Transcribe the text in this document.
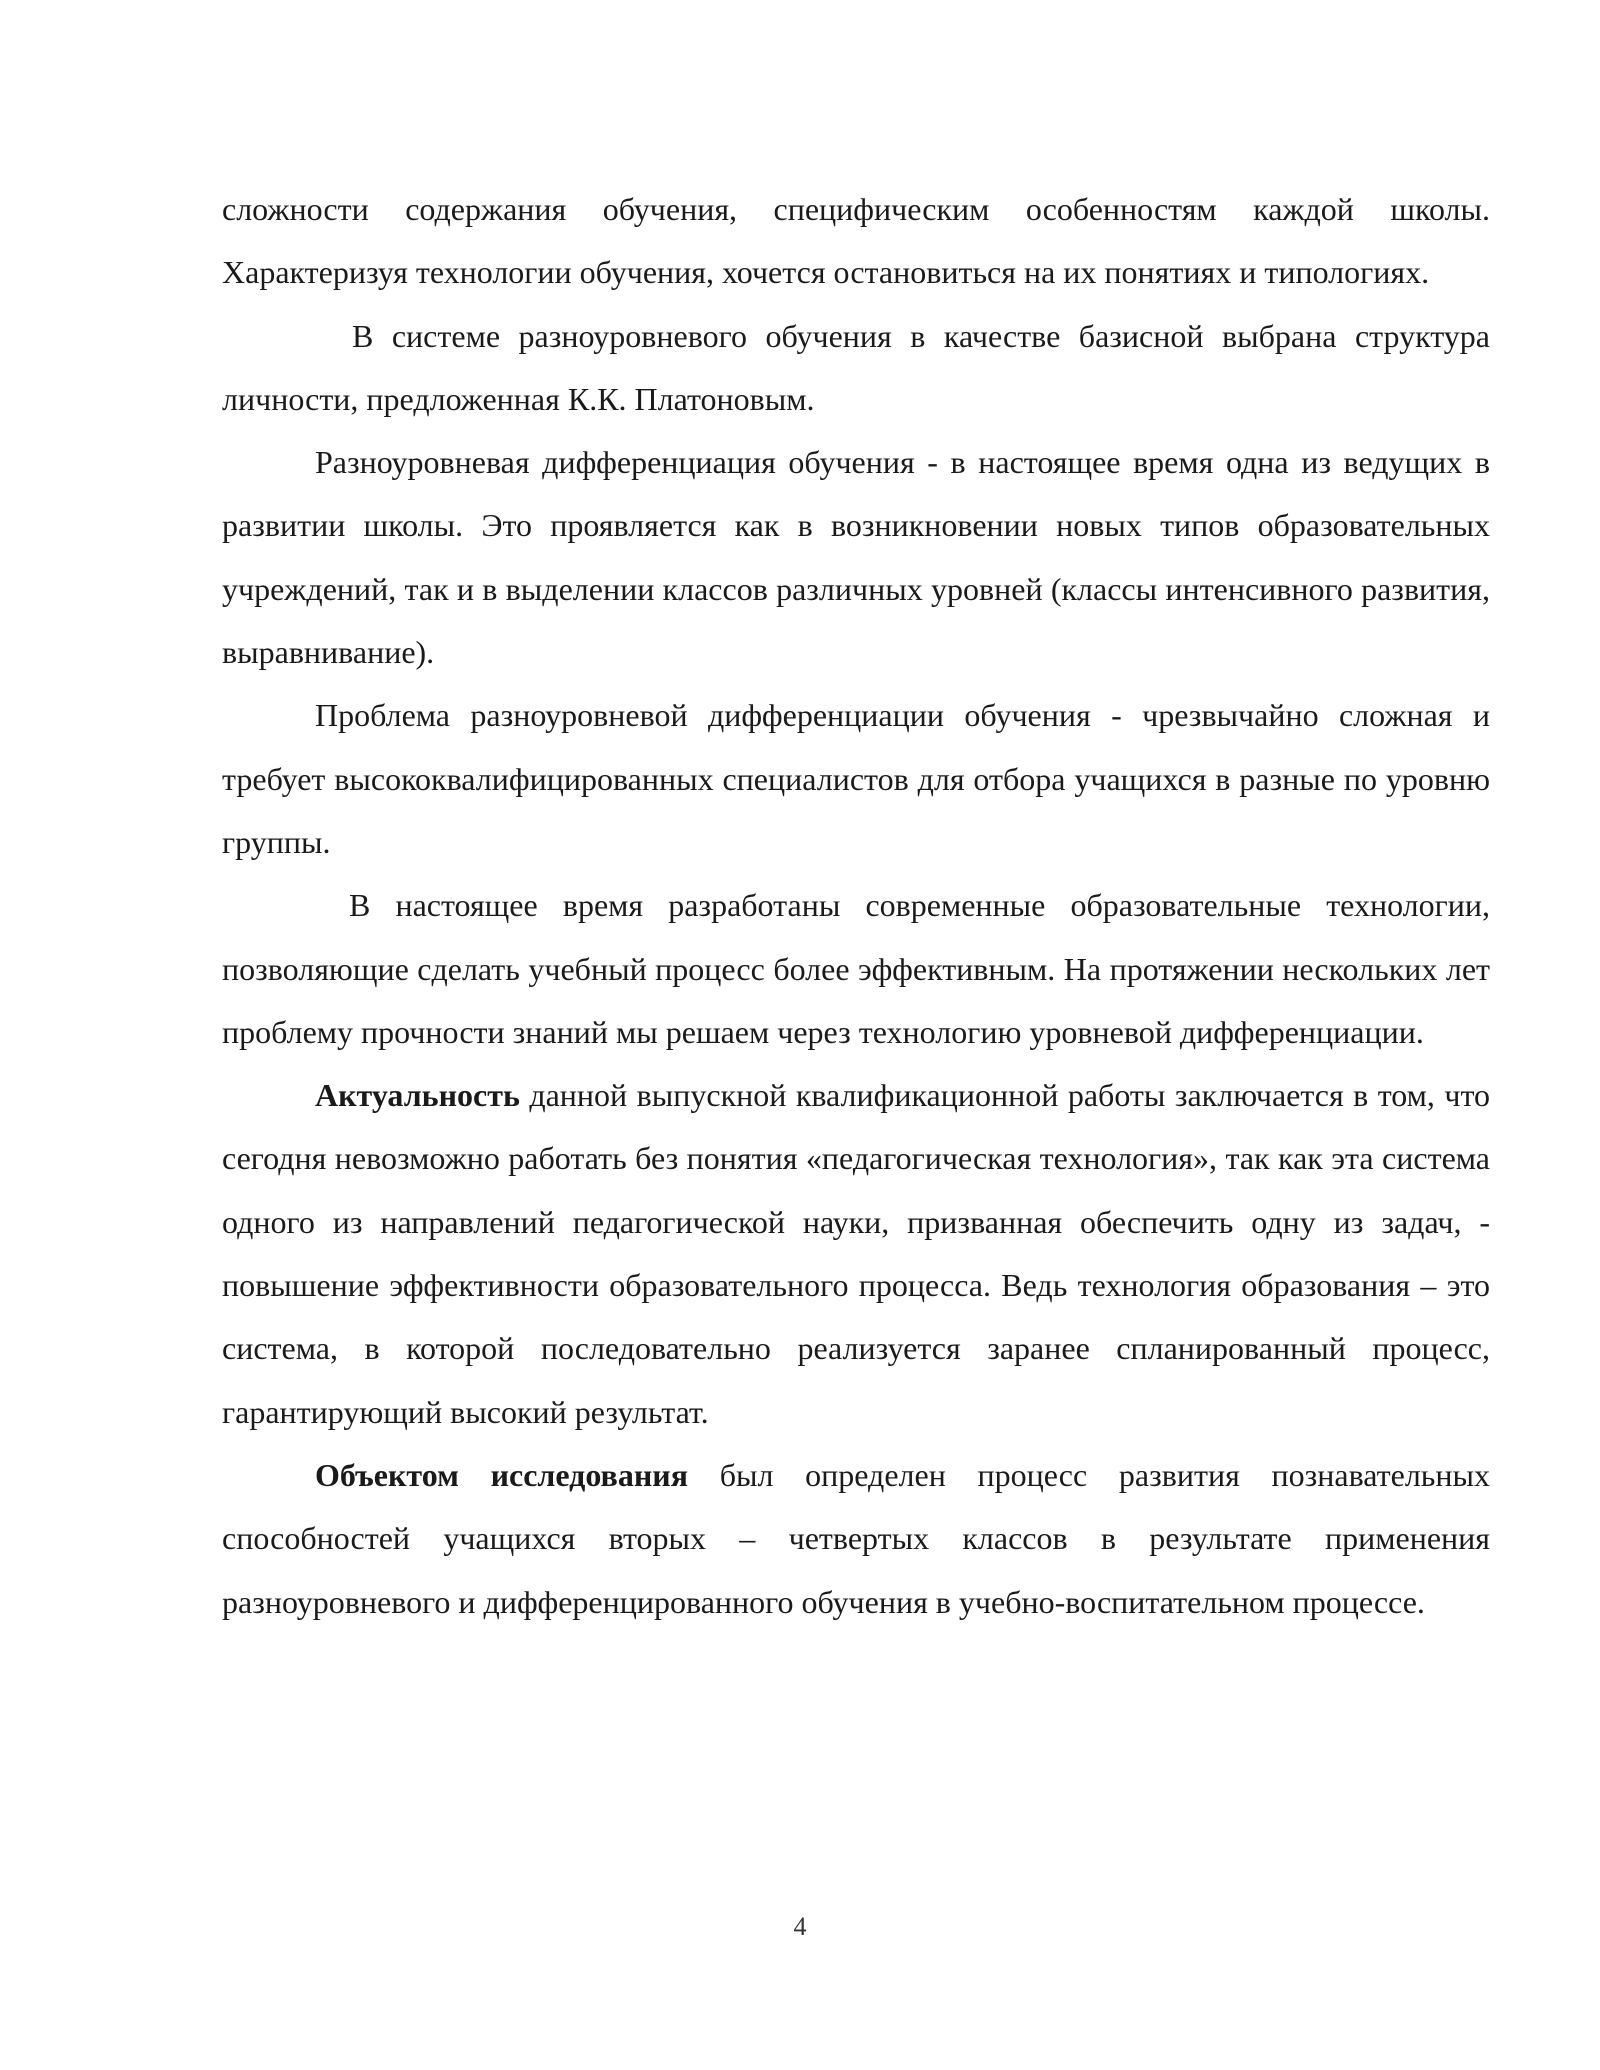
сложности содержания обучения, специфическим особенностям каждой школы. Характеризуя технологии обучения, хочется остановиться на их понятиях и типологиях.

В системе разноуровневого обучения в качестве базисной выбрана структура личности, предложенная К.К. Платоновым.

Разноуровневая дифференциация обучения - в настоящее время одна из ведущих в развитии школы. Это проявляется как в возникновении новых типов образовательных учреждений, так и в выделении классов различных уровней (классы интенсивного развития, выравнивание).

Проблема разноуровневой дифференциации обучения - чрезвычайно сложная и требует высококвалифицированных специалистов для отбора учащихся в разные по уровню группы.

В настоящее время разработаны современные образовательные технологии, позволяющие сделать учебный процесс более эффективным. На протяжении нескольких лет проблему прочности знаний мы решаем через технологию уровневой дифференциации.

Актуальность данной выпускной квалификационной работы заключается в том, что сегодня невозможно работать без понятия «педагогическая технология», так как эта система одного из направлений педагогической науки, призванная обеспечить одну из задач, - повышение эффективности образовательного процесса. Ведь технология образования – это система, в которой последовательно реализуется заранее спланированный процесс, гарантирующий высокий результат.

Объектом исследования был определен процесс развития познавательных способностей учащихся вторых – четвертых классов в результате применения разноуровневого и дифференцированного обучения в учебно-воспитательном процессе.

4
